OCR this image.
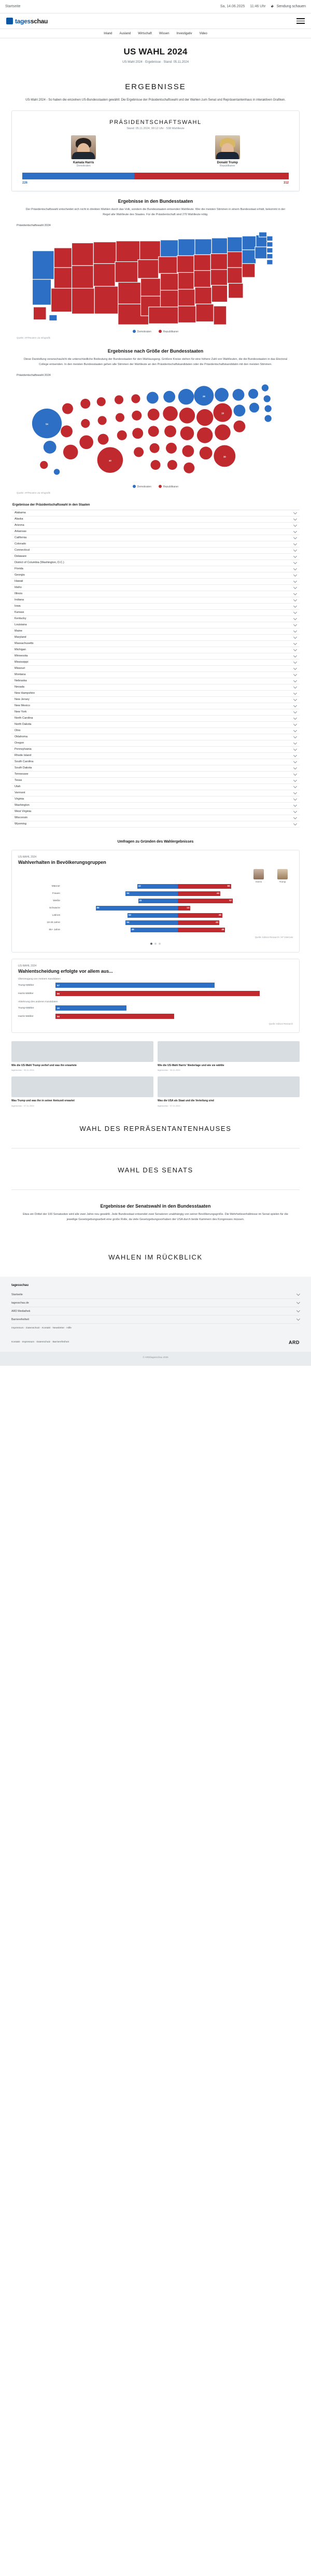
Startseite	Sa, 14.06.2025 11:46 Uhr	Sendung schauen
tagesschau
Inland Ausland Wirtschaft Wissen Investigativ Video
US WAHL 2024
US-Wahl 2024 · Ergebnisse · Stand: 05.11.2024
ERGEBNISSE
US-Wahl 2024 - So haben die einzelnen US-Bundesstaaten gewählt: Die Ergebnisse der Präsidentschaftswahl und der Wahlen zum Senat und Repräsentantenhaus in interaktiven Grafiken.
PRÄSIDENTSCHAFTSWAHL
Stand: 05.11.2024, 00:12 Uhr · 538 Wahlleute
Kamala Harris
Demokraten
Donald Trump
Republikaner
226	312
Ergebnisse in den Bundesstaaten
Der Präsidentschaftswahl entscheidet sich nicht in direkten Wahlen durch das Volk, sondern die Bundesstaaten entsenden Wahlleute. Wer die meisten Stimmen in einem Bundesstaat erhält, bekommt in der Regel alle Wahlleute des Staates. Für die Präsidentschaft sind 270 Wahlleute nötig.
Präsidentschaftswahl 2024
Demokraten	Republikaner
Quelle: AP/Reuters via Infografik
Ergebnisse nach Größe der Bundesstaaten
Diese Darstellung veranschaulicht die unterschiedliche Bedeutung der Bundesstaaten für den Wahlausgang. Größere Kreise stehen für eine höhere Zahl von Wahlleuten, die die Bundesstaaten in das Electoral College entsenden. In den meisten Bundesstaaten gehen alle Stimmen der Wahlleute an den Präsidentschaftskandidaten oder die Präsidentschaftskandidatin mit den meisten Stimmen.
Präsidentschaftswahl 2024
54
40
28
19
30
Demokraten	Republikaner
Quelle: AP/Reuters via Infografik
Ergebnisse der Präsidentschaftswahl in den Staaten
Alabama
Alaska
Arizona
Arkansas
California
Colorado
Connecticut
Delaware
District of Columbia (Washington, D.C.)
Florida
Georgia
Hawaii
Idaho
Illinois
Indiana
Iowa
Kansas
Kentucky
Louisiana
Maine
Maryland
Massachusetts
Michigan
Minnesota
Mississippi
Missouri
Montana
Nebraska
Nevada
New Hampshire
New Jersey
New Mexico
New York
North Carolina
North Dakota
Ohio
Oklahoma
Oregon
Pennsylvania
Rhode Island
South Carolina
South Dakota
Tennessee
Texas
Utah
Vermont
Virginia
Washington
West Virginia
Wisconsin
Wyoming
Umfragen zu Gründen des Wahlergebnisses
US-WAHL 2024
Wahlverhalten in Bevölkerungsgruppen
Harris	Trump
Männer	42	55
Frauen	54	44
Weiße	41	57
Schwarze	85	13
Latinos	52	46
18-29 Jahre	54	43
65+ Jahre	49	49
Quelle: Edison Research / AP VoteCast
US-WAHL 2024
Wahlentscheidung erfolgte vor allem aus...
Überzeugung von meinem Kandidaten
Trump-Wähler	67
Harris-Wähler	86
Ablehnung des anderen Kandidaten
Trump-Wähler	30
Harris-Wähler	50
Quelle: Edison Research
Wie die US-Wahl Trump verlief und was ihn erwartete
tagesschau · 06.11.2024
Wie die US-Wahl Harris' Niederlage und wie sie wählte
tagesschau · 06.11.2024
Was Trump und was ihn in seiner Amtszeit erwartet
tagesschau · 07.11.2024
Was die USA als Staat und die Verteilung sind
tagesschau · 07.11.2024
WAHL DES REPRÄSENTANTENHAUSES
WAHL DES SENATS
Ergebnisse der Senatswahl in den Bundesstaaten
Etwa ein Drittel der 100 Senatssitze wird alle zwei Jahre neu gewählt. Jede Bundesstaat entsendet zwei Senatoren unabhängig von seiner Bevölkerungsgröße. Die Mehrheitsverhältnisse im Senat spielen für die jeweilige Gesetzgebungsarbeit eine große Rolle, da viele Gesetzgebungsvorhaben der USA durch beide Kammern des Kongresses müssen.
WAHLEN IM RÜCKBLICK
tagesschau
Startseite
tagesschau.de
ARD Mediathek
Barrierefreiheit
Impressum · Datenschutz · Kontakt · Newsletter · Hilfe
Kontakt · Impressum · Datenschutz · Barrierefreiheit	ARD
© ARD/tagesschau 2025
